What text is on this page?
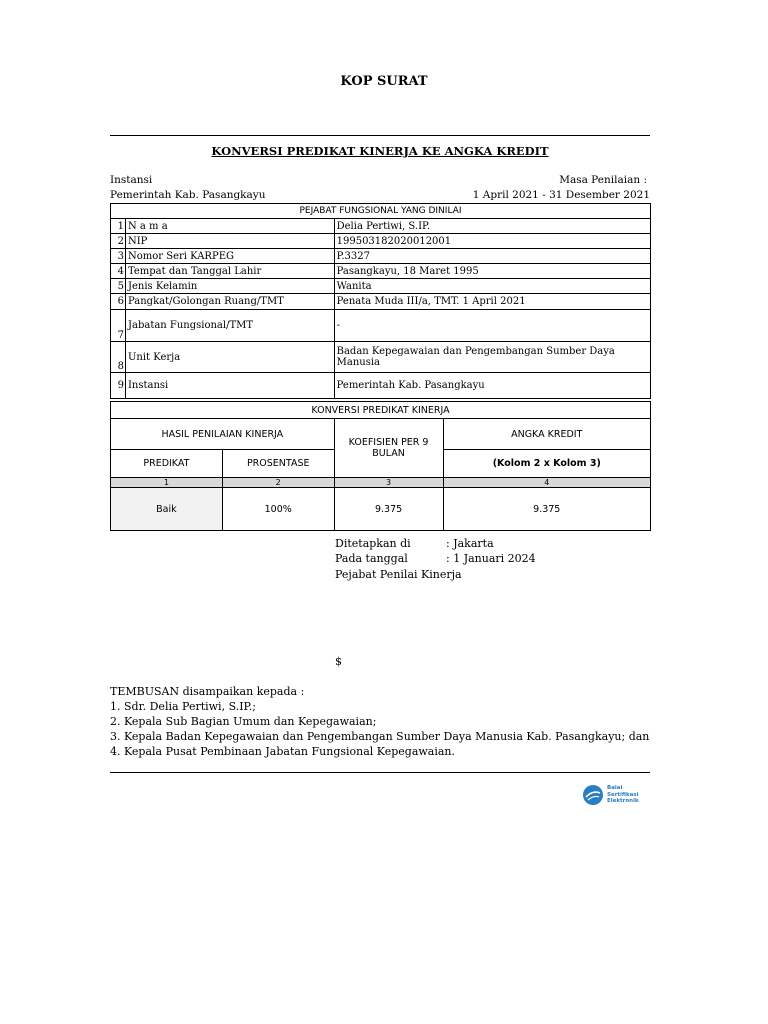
KOP SURAT
KONVERSI PREDIKAT KINERJA KE ANGKA KREDIT
Instansi
Pemerintah Kab. Pasangkayu
Masa Penilaian :
1 April 2021 - 31 Desember 2021
PEJABAT FUNGSIONAL YANG DINILAI		
1	N a m a	Delia Pertiwi, S.IP.
2	NIP	199503182020012001
3	Nomor Seri KARPEG	P.3327
4	Tempat dan Tanggal Lahir	Pasangkayu, 18 Maret 1995
5	Jenis Kelamin	Wanita
6	Pangkat/Golongan Ruang/TMT	Penata Muda III/a, TMT. 1 April 2021
7	Jabatan Fungsional/TMT	-
8	Unit Kerja	Badan Kepegawaian dan Pengembangan Sumber Daya Manusia
9	Instansi	Pemerintah Kab. Pasangkayu
KONVERSI PREDIKAT KINERJA			
HASIL PENILAIAN KINERJA		KOEFISIEN PER 9 BULAN	ANGKA KREDIT
PREDIKAT	PROSENTASE		(Kolom 2 x Kolom 3)
1	2	3	4
Baik	100%	9.375	9.375
Ditetapkan di	: Jakarta
Pada tanggal	: 1 Januari 2024
Pejabat Penilai Kinerja
$
TEMBUSAN disampaikan kepada :
1. Sdr. Delia Pertiwi, S.IP.;
2. Kepala Sub Bagian Umum dan Kepegawaian;
3. Kepala Badan Kepegawaian dan Pengembangan Sumber Daya Manusia Kab. Pasangkayu; dan
4. Kepala Pusat Pembinaan Jabatan Fungsional Kepegawaian.
Balai
Sertifikasi
Elektronik
